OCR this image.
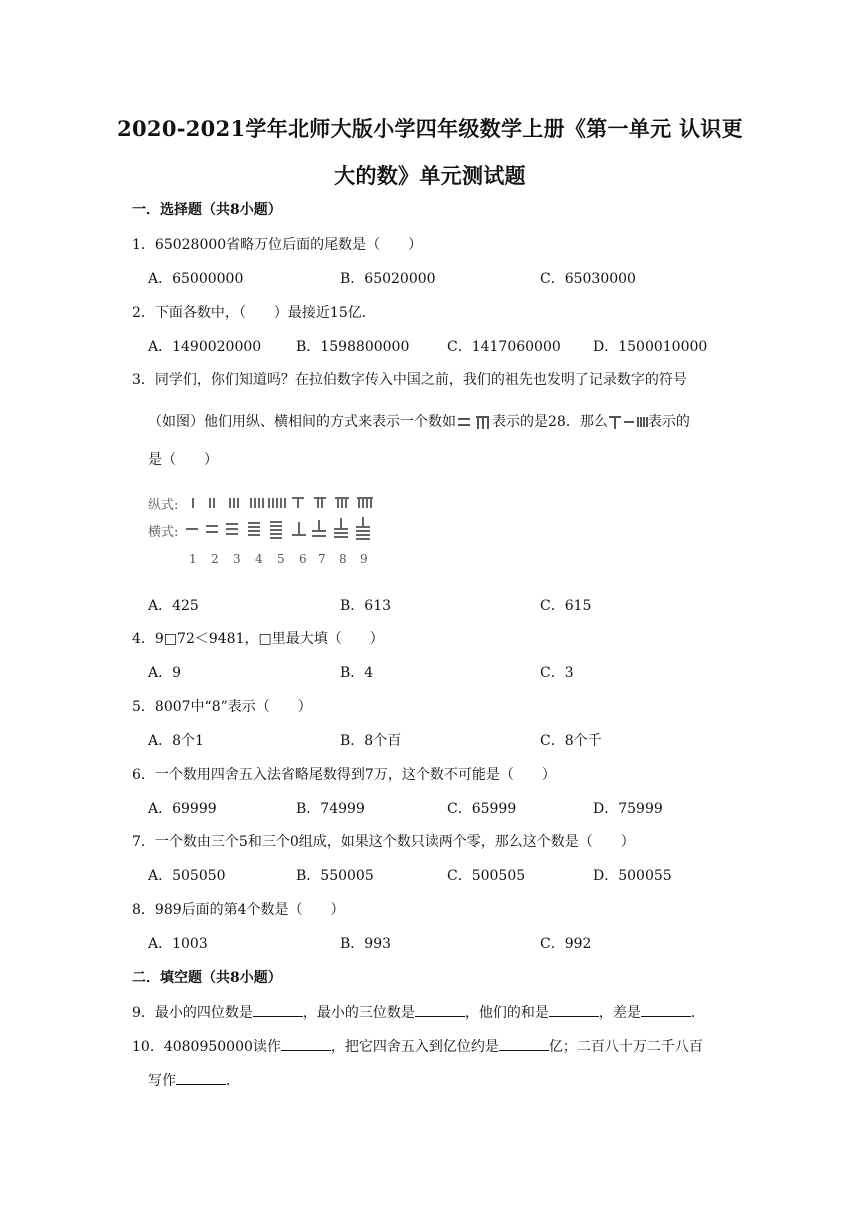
2020-2021学年北师大版小学四年级数学上册《第一单元 认识更
大的数》单元测试题
一．选择题（共8小题）
1．65028000省略万位后面的尾数是（　　）
A．65000000	B．65020000	C．65030000
2．下面各数中，（　　）最接近15亿．
A．1490020000 B．1598800000	C．1417060000 D．1500010000
3．同学们，你们知道吗？在拉伯数字传入中国之前，我们的祖先也发明了记录数字的符号
（如图）他们用纵、横相间的方式来表示一个数如	表示的是28．那么	表示的
是（　　）
纵式:
横式:
1 2 3 4 5 6 7 8 9
A．425	B．613	C．615
4．9□72＜9481，□里最大填（　　）
A．9	B．4	C．3
5．8007中“8”表示（　　）
A．8个1	B．8个百	C．8个千
6．一个数用四舍五入法省略尾数得到7万，这个数不可能是（　　）
A．69999	B．74999	C．65999	D．75999
7．一个数由三个5和三个0组成，如果这个数只读两个零，那么这个数是（　　）
A．505050	B．550005	C．500505	D．500055
8．989后面的第4个数是（　　）
A．1003	B．993	C．992
二．填空题（共8小题）
9．最小的四位数是	，最小的三位数是	，他们的和是	，差是	．
10．4080950000读作	，把它四舍五入到亿位约是	亿；二百八十万二千八百
写作	．
